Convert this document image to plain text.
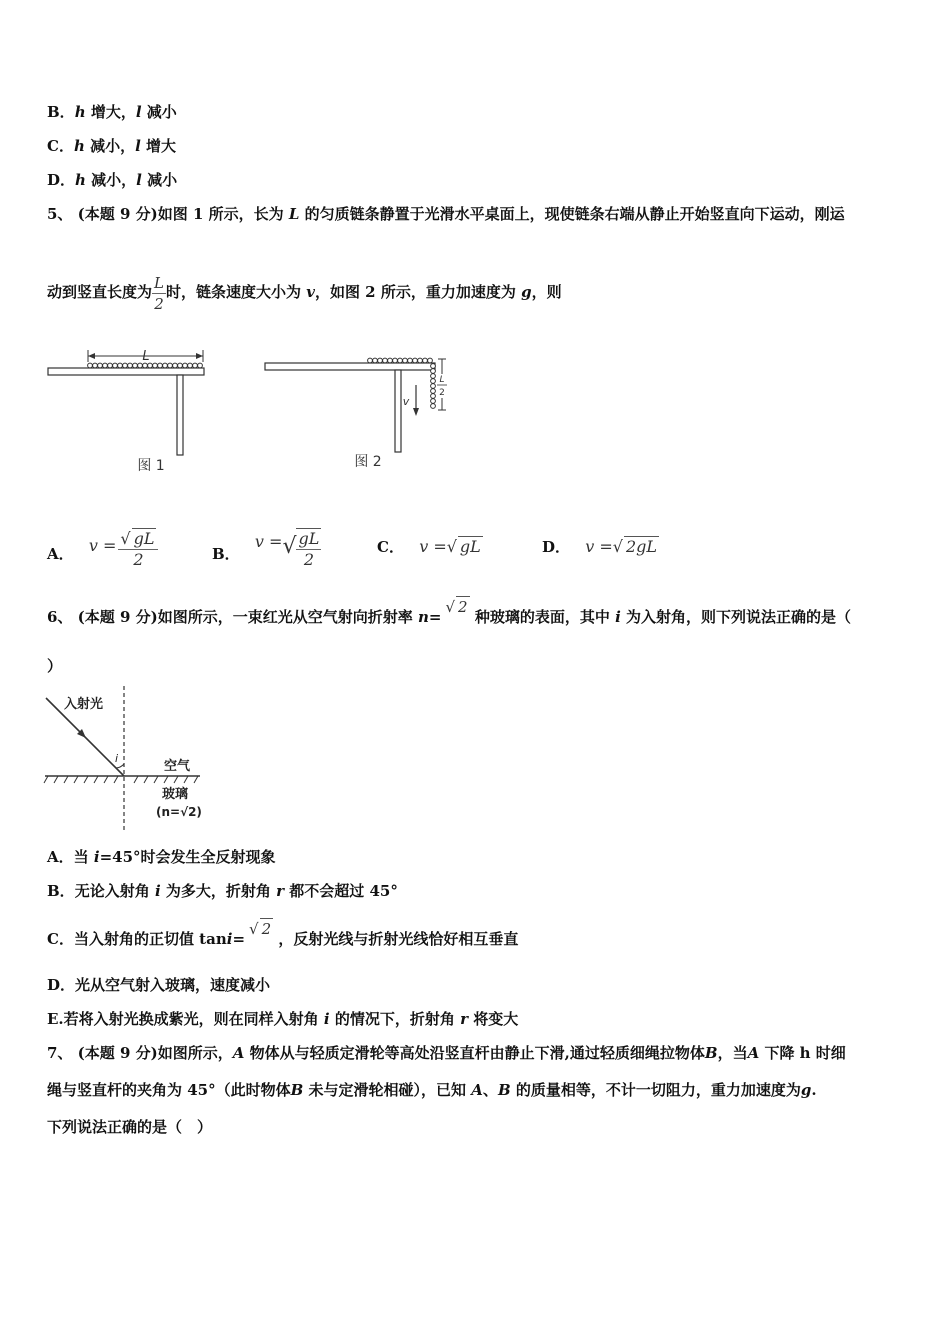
B．h 增大，l 减小
C．h 减小，l 增大
D．h 减小，l 减小
5、 (本题 9 分)如图 1 所示，长为 L 的匀质链条静置于光滑水平桌面上，现使链条右端从静止开始竖直向下运动，刚运
动到竖直长度为 $\frac{L}{2}$ 时，链条速度大小为 v，如图 2 所示，重力加速度为 g，则
L
图 1
v
L
2
图 2
A． $v = \frac{√ gL}{2}$	B． v =√ $\frac{gL}{2}$	C． v =√ gL	D． v =√ 2gL
6、 (本题 9 分)如图所示，一束红光从空气射向折射率 n=√ 2 种玻璃的表面，其中 i 为入射角，则下列说法正确的是（
）
入射光
i
空气
玻璃
(n=√2)
A．当 i=45°时会发生全反射现象
B．无论入射角 i 为多大，折射角 r 都不会超过 45°
C．当入射角的正切值 tani=√ 2 ，反射光线与折射光线恰好相互垂直
D．光从空气射入玻璃，速度减小
E.若将入射光换成紫光，则在同样入射角 i 的情况下，折射角 r 将变大
7、 (本题 9 分)如图所示，A 物体从与轻质定滑轮等高处沿竖直杆由静止下滑,通过轻质细绳拉物体B，当A 下降 h 时细
绳与竖直杆的夹角为 45°（此时物体B 未与定滑轮相碰），已知 A、B 的质量相等，不计一切阻力，重力加速度为g.
下列说法正确的是（　）
